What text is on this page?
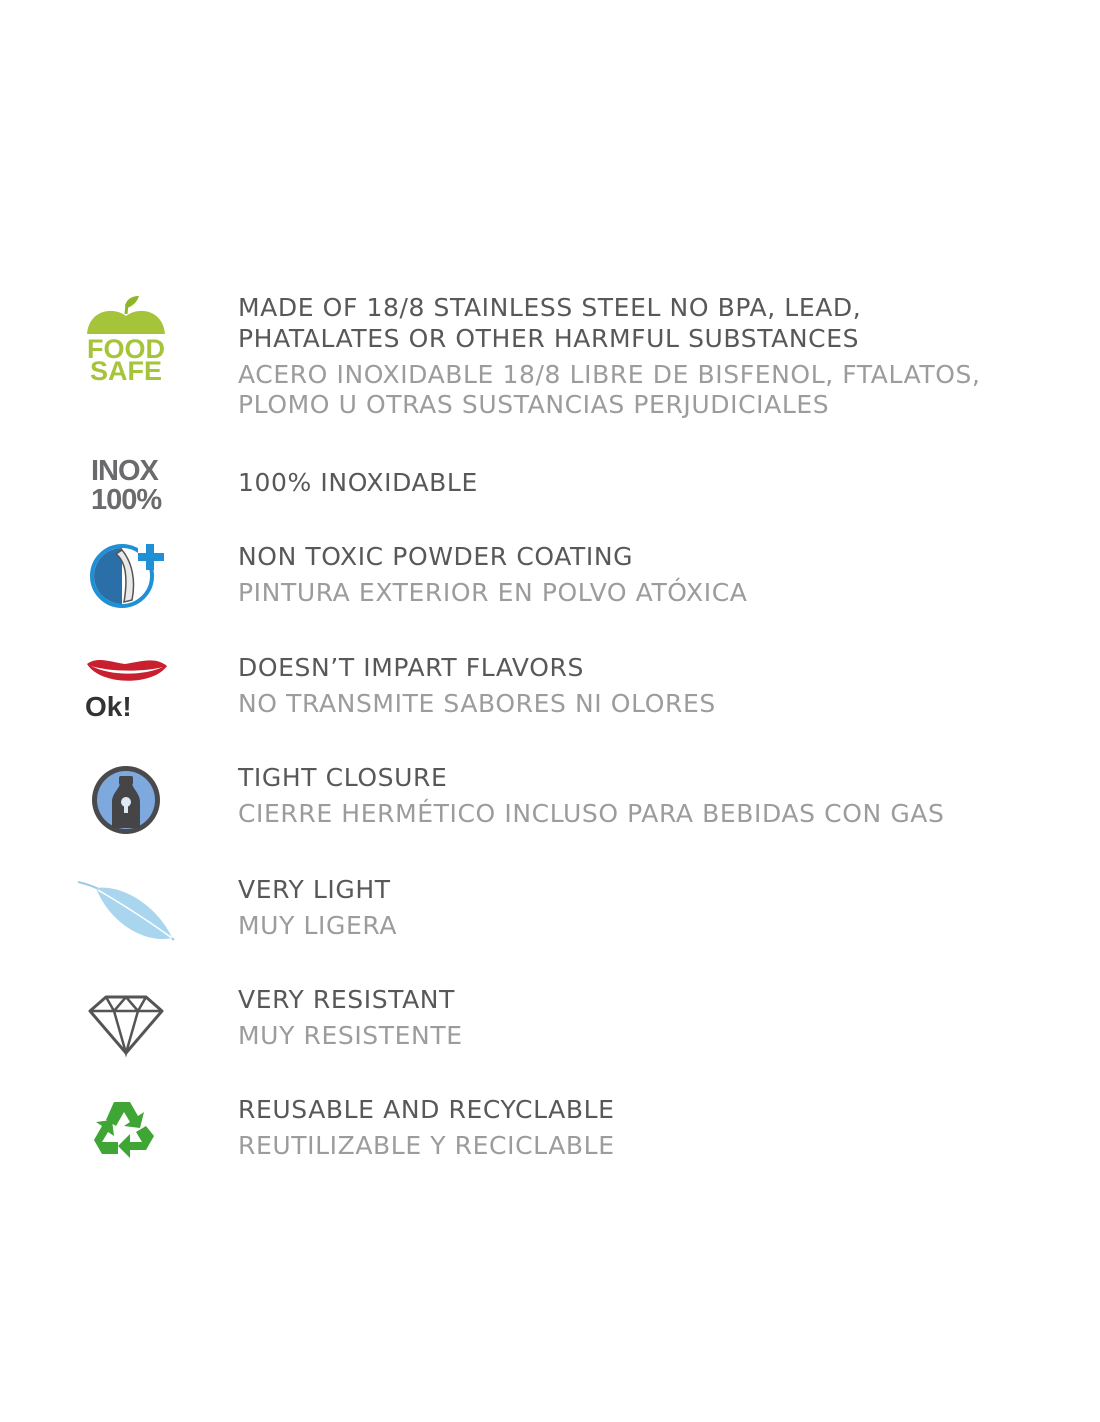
FOOD
SAFE

MADE OF 18/8 STAINLESS STEEL NO BPA, LEAD,

PHATALATES OR OTHER HARMFUL SUBSTANCES

ACERO INOXIDABLE 18/8 LIBRE DE BISFENOL, FTALATOS,

PLOMO U OTRAS SUSTANCIAS PERJUDICIALES

INOX
100%

100% INOXIDABLE

NON TOXIC POWDER COATING

PINTURA EXTERIOR EN POLVO ATÓXICA

Ok!

DOESN’T IMPART FLAVORS

NO TRANSMITE SABORES NI OLORES

TIGHT CLOSURE

CIERRE HERMÉTICO INCLUSO PARA BEBIDAS CON GAS

VERY LIGHT

MUY LIGERA

VERY RESISTANT

MUY RESISTENTE

REUSABLE AND RECYCLABLE

REUTILIZABLE Y RECICLABLE
